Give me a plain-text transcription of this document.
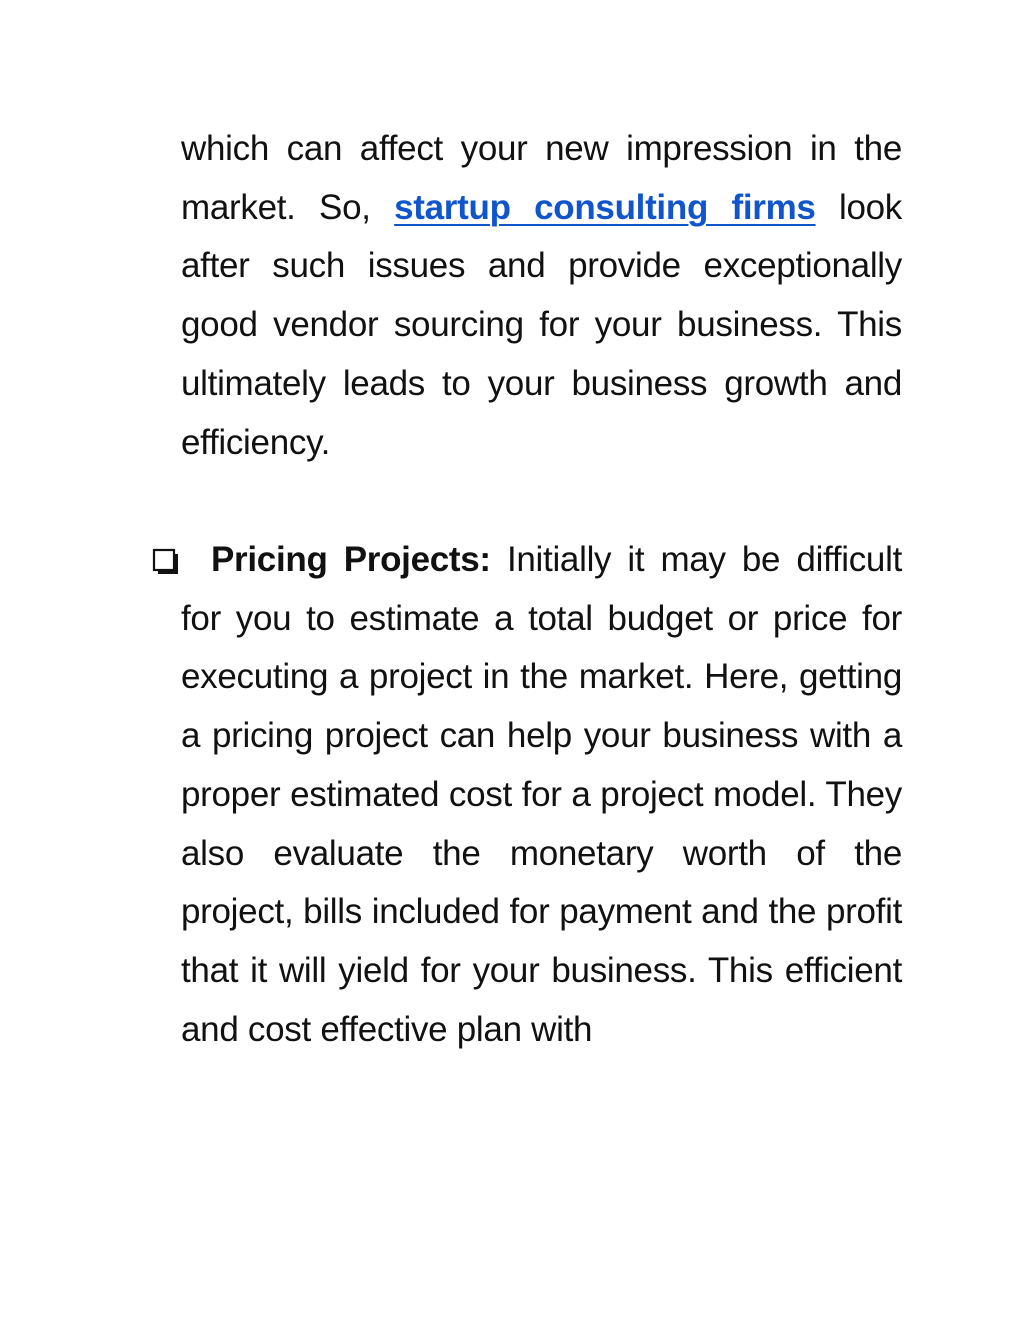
which can affect your new impression in the market. So, startup consulting firms look after such issues and provide exceptionally good vendor sourcing for your business. This ultimately leads to your business growth and efficiency.

Pricing Projects: Initially it may be difficult for you to estimate a total budget or price for executing a project in the market. Here, getting a pricing project can help your business with a proper estimated cost for a project model. They also evaluate the monetary worth of the project, bills included for payment and the profit that it will yield for your business. This efficient and cost effective plan with
